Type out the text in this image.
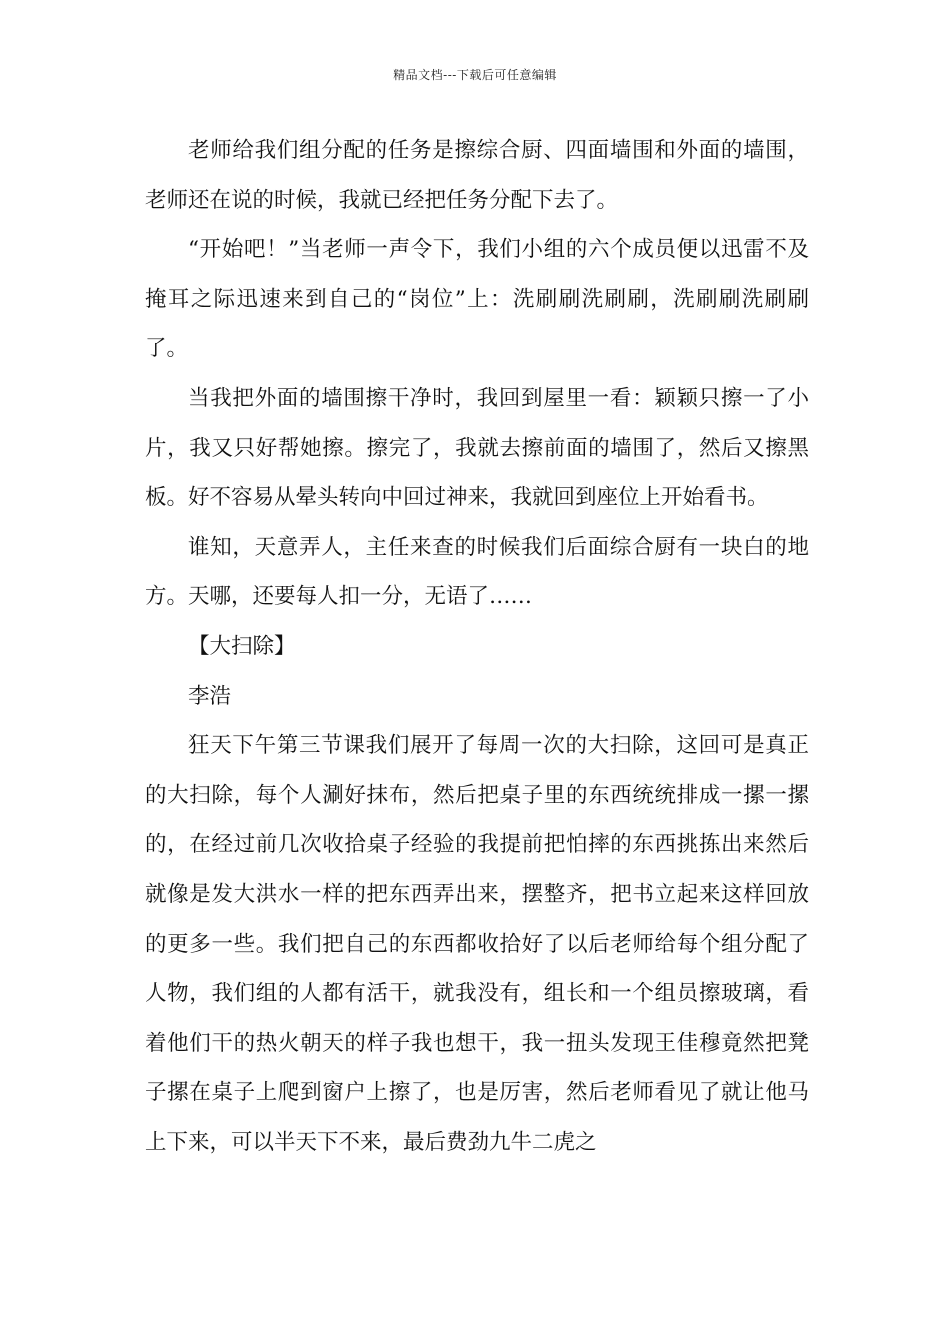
精品文档---下载后可任意编辑

老师给我们组分配的任务是擦综合厨、四面墙围和外面的墙围，老师还在说的时候，我就已经把任务分配下去了。

“开始吧！”当老师一声令下，我们小组的六个成员便以迅雷不及掩耳之际迅速来到自己的“岗位”上：洗刷刷洗刷刷，洗刷刷洗刷刷了。

当我把外面的墙围擦干净时，我回到屋里一看：颖颖只擦一了小片，我又只好帮她擦。擦完了，我就去擦前面的墙围了，然后又擦黑板。好不容易从晕头转向中回过神来，我就回到座位上开始看书。

谁知，天意弄人，主任来查的时候我们后面综合厨有一块白的地方。天哪，还要每人扣一分，无语了……

【大扫除】

李浩

狂天下午第三节课我们展开了每周一次的大扫除，这回可是真正的大扫除，每个人涮好抹布，然后把桌子里的东西统统排成一摞一摞的，在经过前几次收拾桌子经验的我提前把怕摔的东西挑拣出来然后就像是发大洪水一样的把东西弄出来，摆整齐，把书立起来这样回放的更多一些。我们把自己的东西都收拾好了以后老师给每个组分配了人物，我们组的人都有活干，就我没有，组长和一个组员擦玻璃，看着他们干的热火朝天的样子我也想干，我一扭头发现王佳穆竟然把凳子摞在桌子上爬到窗户上擦了，也是厉害，然后老师看见了就让他马上下来，可以半天下不来，最后费劲九牛二虎之
